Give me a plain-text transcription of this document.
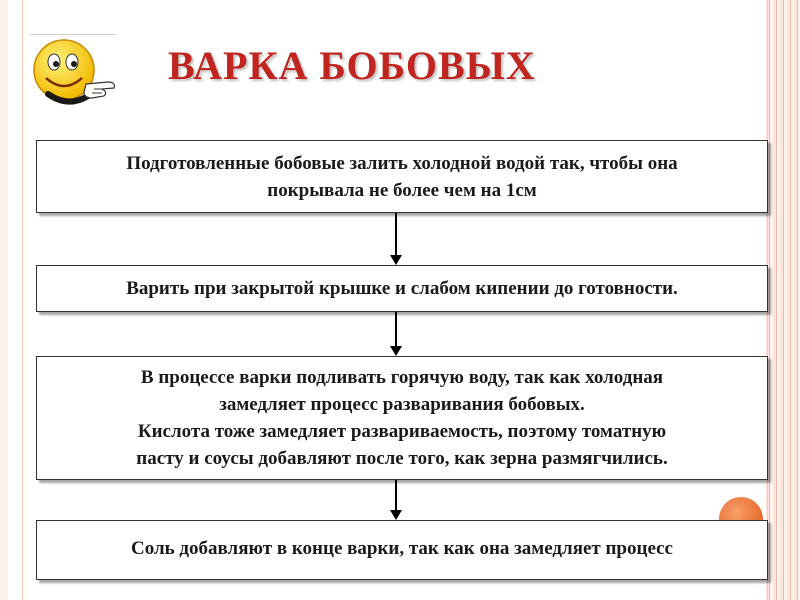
ВАРКА БОБОВЫХ
Подготовленные бобовые залить холодной водой так, чтобы она
покрывала не более чем на 1см
Варить при закрытой крышке и слабом кипении до готовности.
В процессе варки подливать горячую воду, так как холодная
замедляет процесс разваривания бобовых.
Кислота тоже замедляет развариваемость, поэтому томатную
пасту и соусы добавляют после того, как зерна размягчились.
Соль добавляют в конце варки, так как она замедляет процесс
